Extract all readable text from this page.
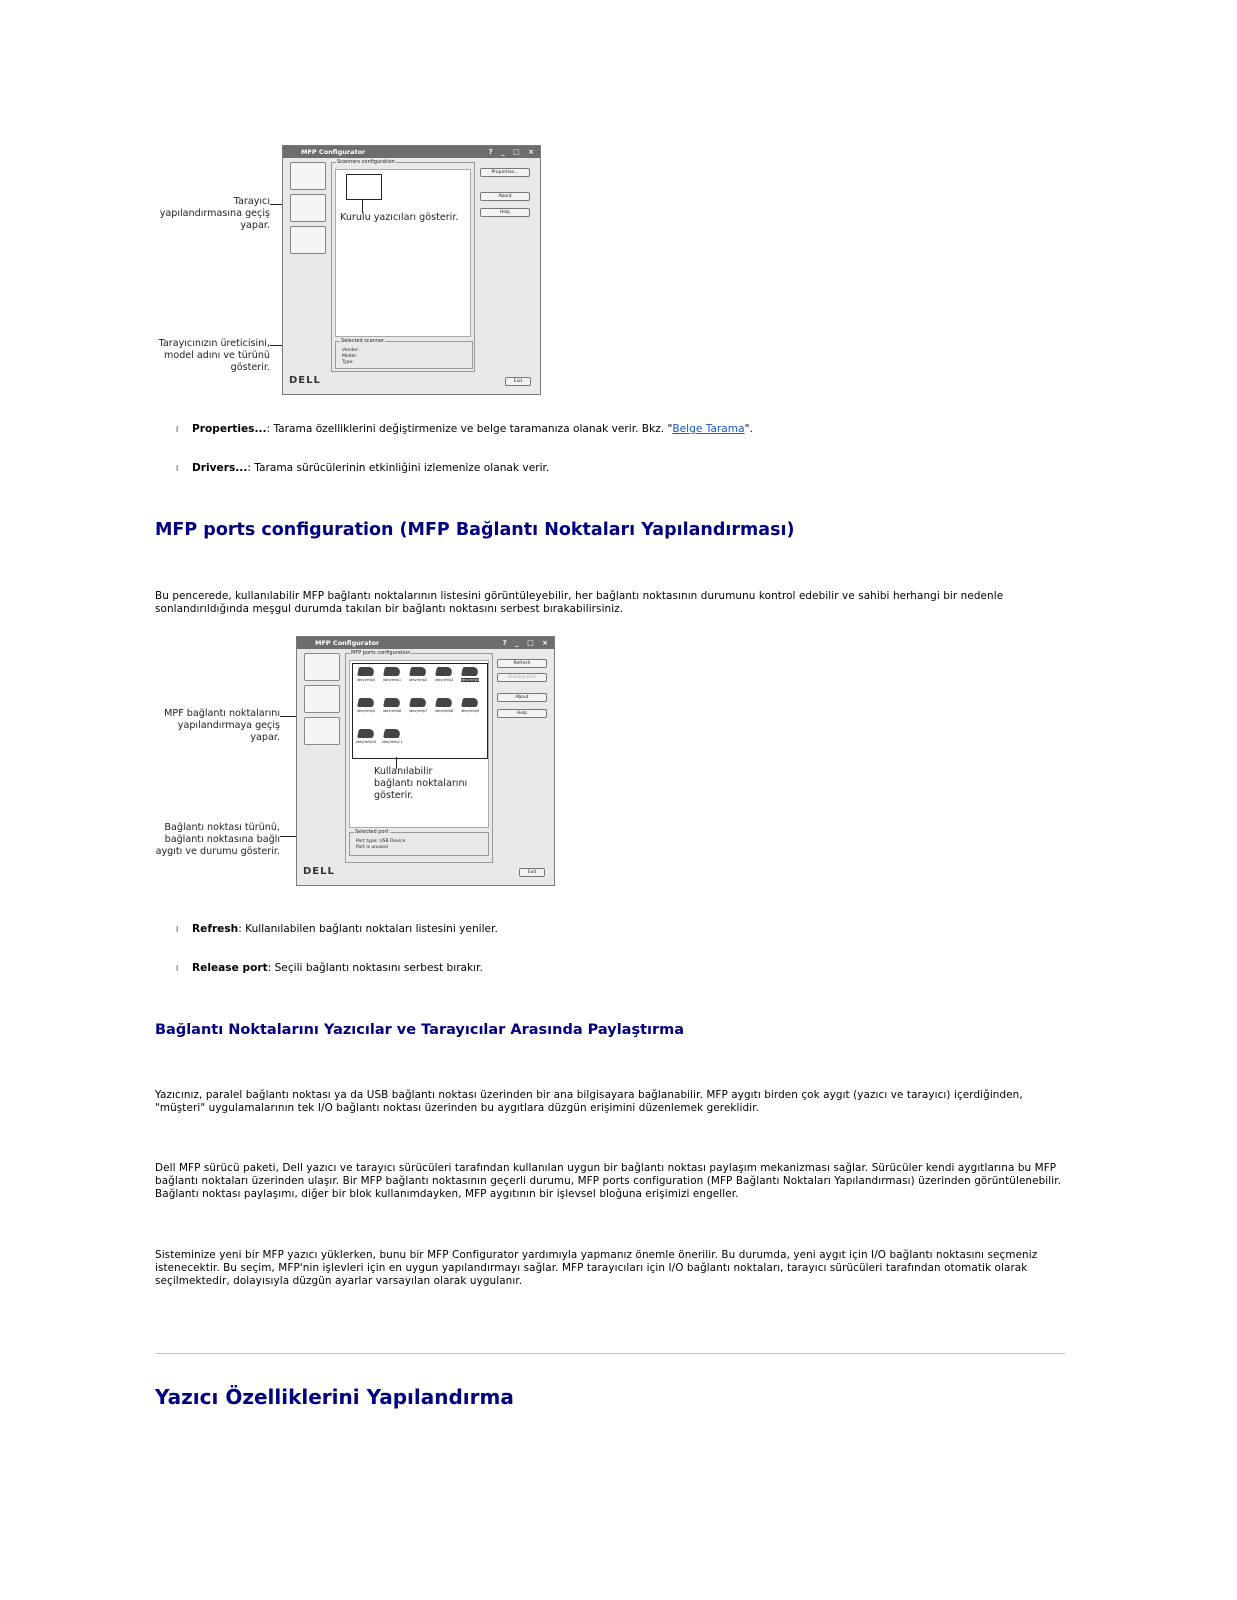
Tarayıcı yapılandırmasına geçiş yapar.
Tarayıcınızın üreticisini, model adını ve türünü gösterir.
MFP Configurator	? _ □ ×
Scanners configuration
Selected scanner
Vendor:
Model:
Type:
Properties...
About
Help
DELL	Exit
Kurulu yazıcıları gösterir.
l Properties...: Tarama özelliklerini değiştirmenize ve belge taramanıza olanak verir. Bkz. "Belge Tarama".
l Drivers...: Tarama sürücülerinin etkinliğini izlemenize olanak verir.
MFP ports configuration (MFP Bağlantı Noktaları Yapılandırması)
Bu pencerede, kullanılabilir MFP bağlantı noktalarının listesini görüntüleyebilir, her bağlantı noktasının durumunu kontrol edebilir ve sahibi herhangi bir nedenle sonlandırıldığında meşgul durumda takılan bir bağlantı noktasını serbest bırakabilirsiniz.
MPF bağlantı noktalarını yapılandırmaya geçiş yapar.
Bağlantı noktası türünü, bağlantı noktasına bağlı aygıtı ve durumu gösterir.
MFP Configurator	? _ □ ×
MFP ports configuration
/dev/mfp0	/dev/mfp1	/dev/mfp2	/dev/mfp3	/dev/mfp4
/dev/mfp5	/dev/mfp6	/dev/mfp7	/dev/mfp8	/dev/mfp9
/dev/mfp10	/dev/mfp11
Selected port
Port type: USB Device
Port is unused
Refresh
Release port
About
Help
DELL	Exit
Kullanılabilir bağlantı noktalarını gösterir.
l Refresh: Kullanılabilen bağlantı noktaları listesini yeniler.
l Release port: Seçili bağlantı noktasını serbest bırakır.
Bağlantı Noktalarını Yazıcılar ve Tarayıcılar Arasında Paylaştırma
Yazıcınız, paralel bağlantı noktası ya da USB bağlantı noktası üzerinden bir ana bilgisayara bağlanabilir. MFP aygıtı birden çok aygıt (yazıcı ve tarayıcı) içerdiğinden, "müşteri" uygulamalarının tek I/O bağlantı noktası üzerinden bu aygıtlara düzgün erişimini düzenlemek gereklidir.
Dell MFP sürücü paketi, Dell yazıcı ve tarayıcı sürücüleri tarafından kullanılan uygun bir bağlantı noktası paylaşım mekanizması sağlar. Sürücüler kendi aygıtlarına bu MFP bağlantı noktaları üzerinden ulaşır. Bir MFP bağlantı noktasının geçerli durumu, MFP ports configuration (MFP Bağlantı Noktaları Yapılandırması) üzerinden görüntülenebilir. Bağlantı noktası paylaşımı, diğer bir blok kullanımdayken, MFP aygıtının bir işlevsel bloğuna erişimizi engeller.
Sisteminize yeni bir MFP yazıcı yüklerken, bunu bir MFP Configurator yardımıyla yapmanız önemle önerilir. Bu durumda, yeni aygıt için I/O bağlantı noktasını seçmeniz istenecektir. Bu seçim, MFP'nin işlevleri için en uygun yapılandırmayı sağlar. MFP tarayıcıları için I/O bağlantı noktaları, tarayıcı sürücüleri tarafından otomatik olarak seçilmektedir, dolayısıyla düzgün ayarlar varsayılan olarak uygulanır.
Yazıcı Özelliklerini Yapılandırma
